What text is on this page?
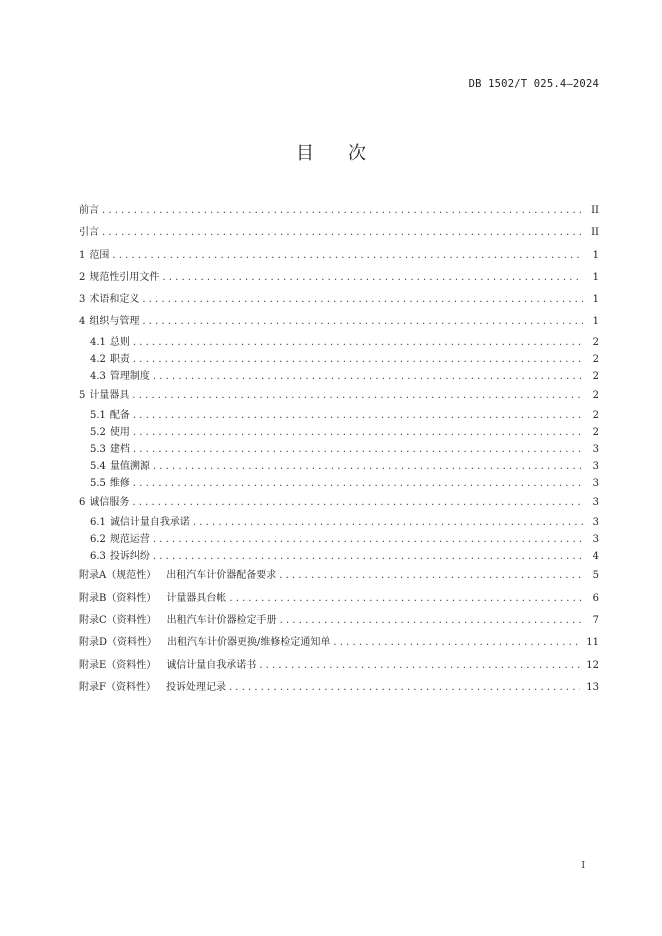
DB 1502/T 025.4—2024
目次
前言 . . .	II
引言 . . .	II
1 范围 . . .	1
2 规范性引用文件 . . .	1
3 术语和定义 . . .	1
4 组织与管理 . . .	1
4.1 总则 . . .	2
4.2 职责 . . .	2
4.3 管理制度 . . .	2
5 计量器具 . . .	2
5.1 配备 . . .	2
5.2 使用 . . .	2
5.3 建档 . . .	3
5.4 量值溯源 . . .	3
5.5 维修 . . .	3
6 诚信服务 . . .	3
6.1 诚信计量自我承诺 . . .	3
6.2 规范运营 . . .	3
6.3 投诉纠纷 . . .	4
附录A（规范性） 出租汽车计价器配备要求 . . .	5
附录B（资料性） 计量器具台帐 . . .	6
附录C（资料性） 出租汽车计价器检定手册 . . .	7
附录D（资料性） 出租汽车计价器更换/维修检定通知单 . . .	11
附录E（资料性） 诚信计量自我承诺书 . . .	12
附录F（资料性） 投诉处理记录 . . .	13
I
